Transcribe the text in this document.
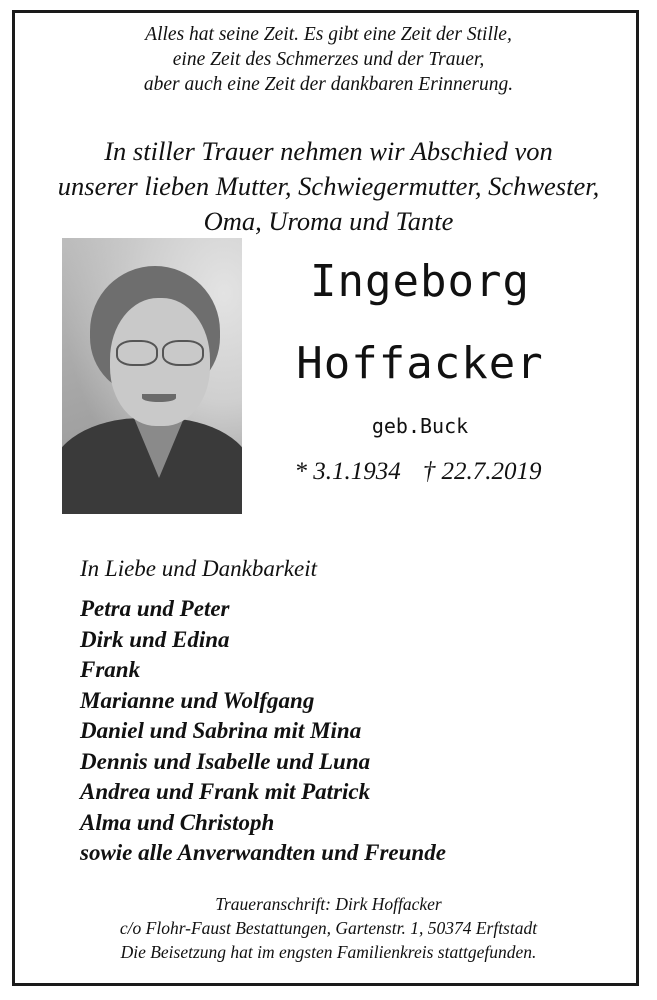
Alles hat seine Zeit. Es gibt eine Zeit der Stille,
eine Zeit des Schmerzes und der Trauer,
aber auch eine Zeit der dankbaren Erinnerung.
In stiller Trauer nehmen wir Abschied von
unserer lieben Mutter, Schwiegermutter, Schwester,
Oma, Uroma und Tante
Ingeborg
Hoffacker
geb.Buck
* 3.1.1934 † 22.7.2019
In Liebe und Dankbarkeit
Petra und Peter
Dirk und Edina
Frank
Marianne und Wolfgang
Daniel und Sabrina mit Mina
Dennis und Isabelle und Luna
Andrea und Frank mit Patrick
Alma und Christoph
sowie alle Anverwandten und Freunde
Traueranschrift: Dirk Hoffacker
c/o Flohr-Faust Bestattungen, Gartenstr. 1, 50374 Erftstadt
Die Beisetzung hat im engsten Familienkreis stattgefunden.
